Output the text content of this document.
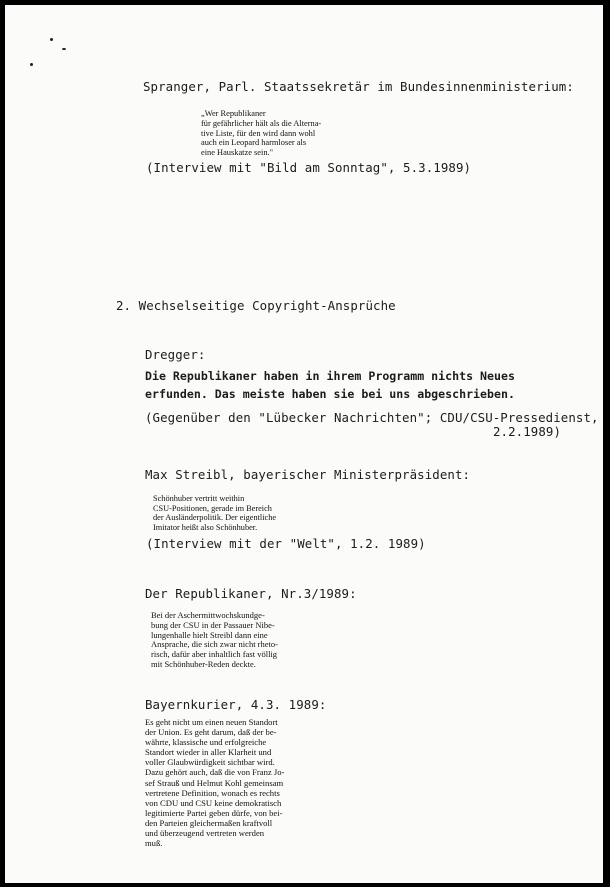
Spranger, Parl. Staatssekretär im Bundesinnenministerium:

„Wer Republikaner
für gefährlicher hält als die Alterna-
tive Liste, für den wird dann wohl
auch ein Leopard harmloser als
eine Hauskatze sein."

(Interview mit "Bild am Sonntag", 5.3.1989)

2. Wechselseitige Copyright-Ansprüche

Dregger:

Die Republikaner haben in ihrem Programm nichts Neues

erfunden. Das meiste haben sie bei uns abgeschrieben.

(Gegenüber den "Lübecker Nachrichten"; CDU/CSU-Pressedienst,

2.2.1989)

Max Streibl, bayerischer Ministerpräsident:

Schönhuber vertritt weithin
CSU-Positionen, gerade im Bereich
der Ausländerpolitik. Der eigentliche
Imitator heißt also Schönhuber.

(Interview mit der "Welt", 1.2. 1989)

Der Republikaner, Nr.3/1989:

Bei der Aschermittwochskundge-
bung der CSU in der Passauer Nibe-
lungenhalle hielt Streibl dann eine
Ansprache, die sich zwar nicht rheto-
risch, dafür aber inhaltlich fast völlig
mit Schönhuber-Reden deckte.

Bayernkurier, 4.3. 1989:

Es geht nicht um einen neuen Standort
der Union. Es geht darum, daß der be-
währte, klassische und erfolgreiche
Standort wieder in aller Klarheit und
voller Glaubwürdigkeit sichtbar wird.
Dazu gehört auch, daß die von Franz Jo-
sef Strauß und Helmut Kohl gemeinsam
vertretene Definition, wonach es rechts
von CDU und CSU keine demokratisch
legitimierte Partei geben dürfe, von bei-
den Parteien gleichermaßen kraftvoll
und überzeugend vertreten werden
muß.
